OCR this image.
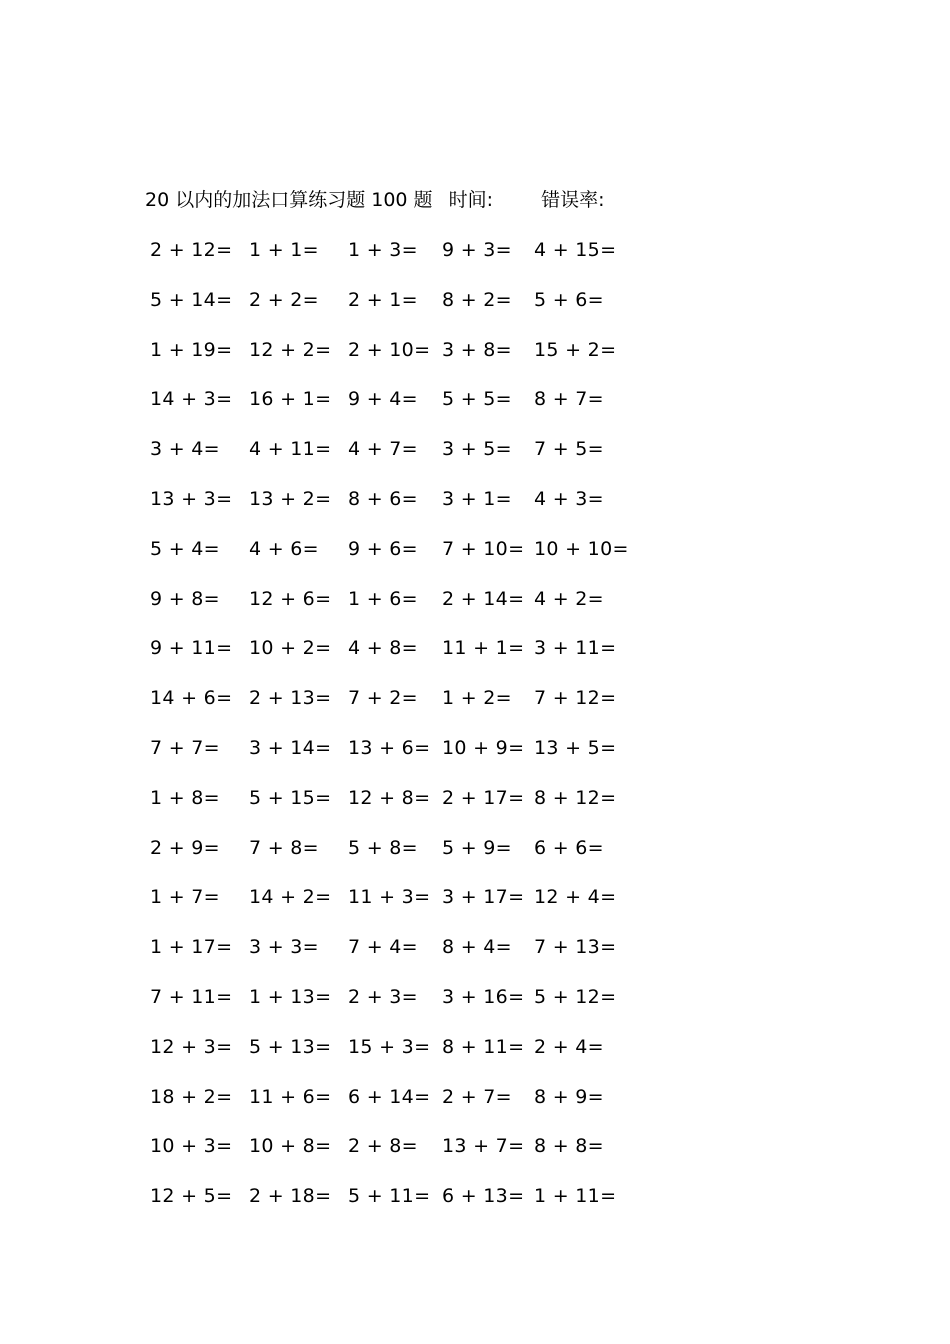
20 以内的加法口算练习题 100 题 时间:	错误率:
2 + 12= 1 + 1= 1 + 3= 9 + 3= 4 + 15=
5 + 14= 2 + 2= 2 + 1= 8 + 2= 5 + 6=
1 + 19= 12 + 2= 2 + 10= 3 + 8= 15 + 2=
14 + 3= 16 + 1= 9 + 4= 5 + 5= 8 + 7=
3 + 4= 4 + 11= 4 + 7= 3 + 5= 7 + 5=
13 + 3= 13 + 2= 8 + 6= 3 + 1= 4 + 3=
5 + 4= 4 + 6= 9 + 6= 7 + 10= 10 + 10=
9 + 8= 12 + 6= 1 + 6= 2 + 14= 4 + 2=
9 + 11= 10 + 2= 4 + 8= 11 + 1= 3 + 11=
14 + 6= 2 + 13= 7 + 2= 1 + 2= 7 + 12=
7 + 7= 3 + 14= 13 + 6= 10 + 9= 13 + 5=
1 + 8= 5 + 15= 12 + 8= 2 + 17= 8 + 12=
2 + 9= 7 + 8= 5 + 8= 5 + 9= 6 + 6=
1 + 7= 14 + 2= 11 + 3= 3 + 17= 12 + 4=
1 + 17= 3 + 3= 7 + 4= 8 + 4= 7 + 13=
7 + 11= 1 + 13= 2 + 3= 3 + 16= 5 + 12=
12 + 3= 5 + 13= 15 + 3= 8 + 11= 2 + 4=
18 + 2= 11 + 6= 6 + 14= 2 + 7= 8 + 9=
10 + 3= 10 + 8= 2 + 8= 13 + 7= 8 + 8=
12 + 5= 2 + 18= 5 + 11= 6 + 13= 1 + 11=
